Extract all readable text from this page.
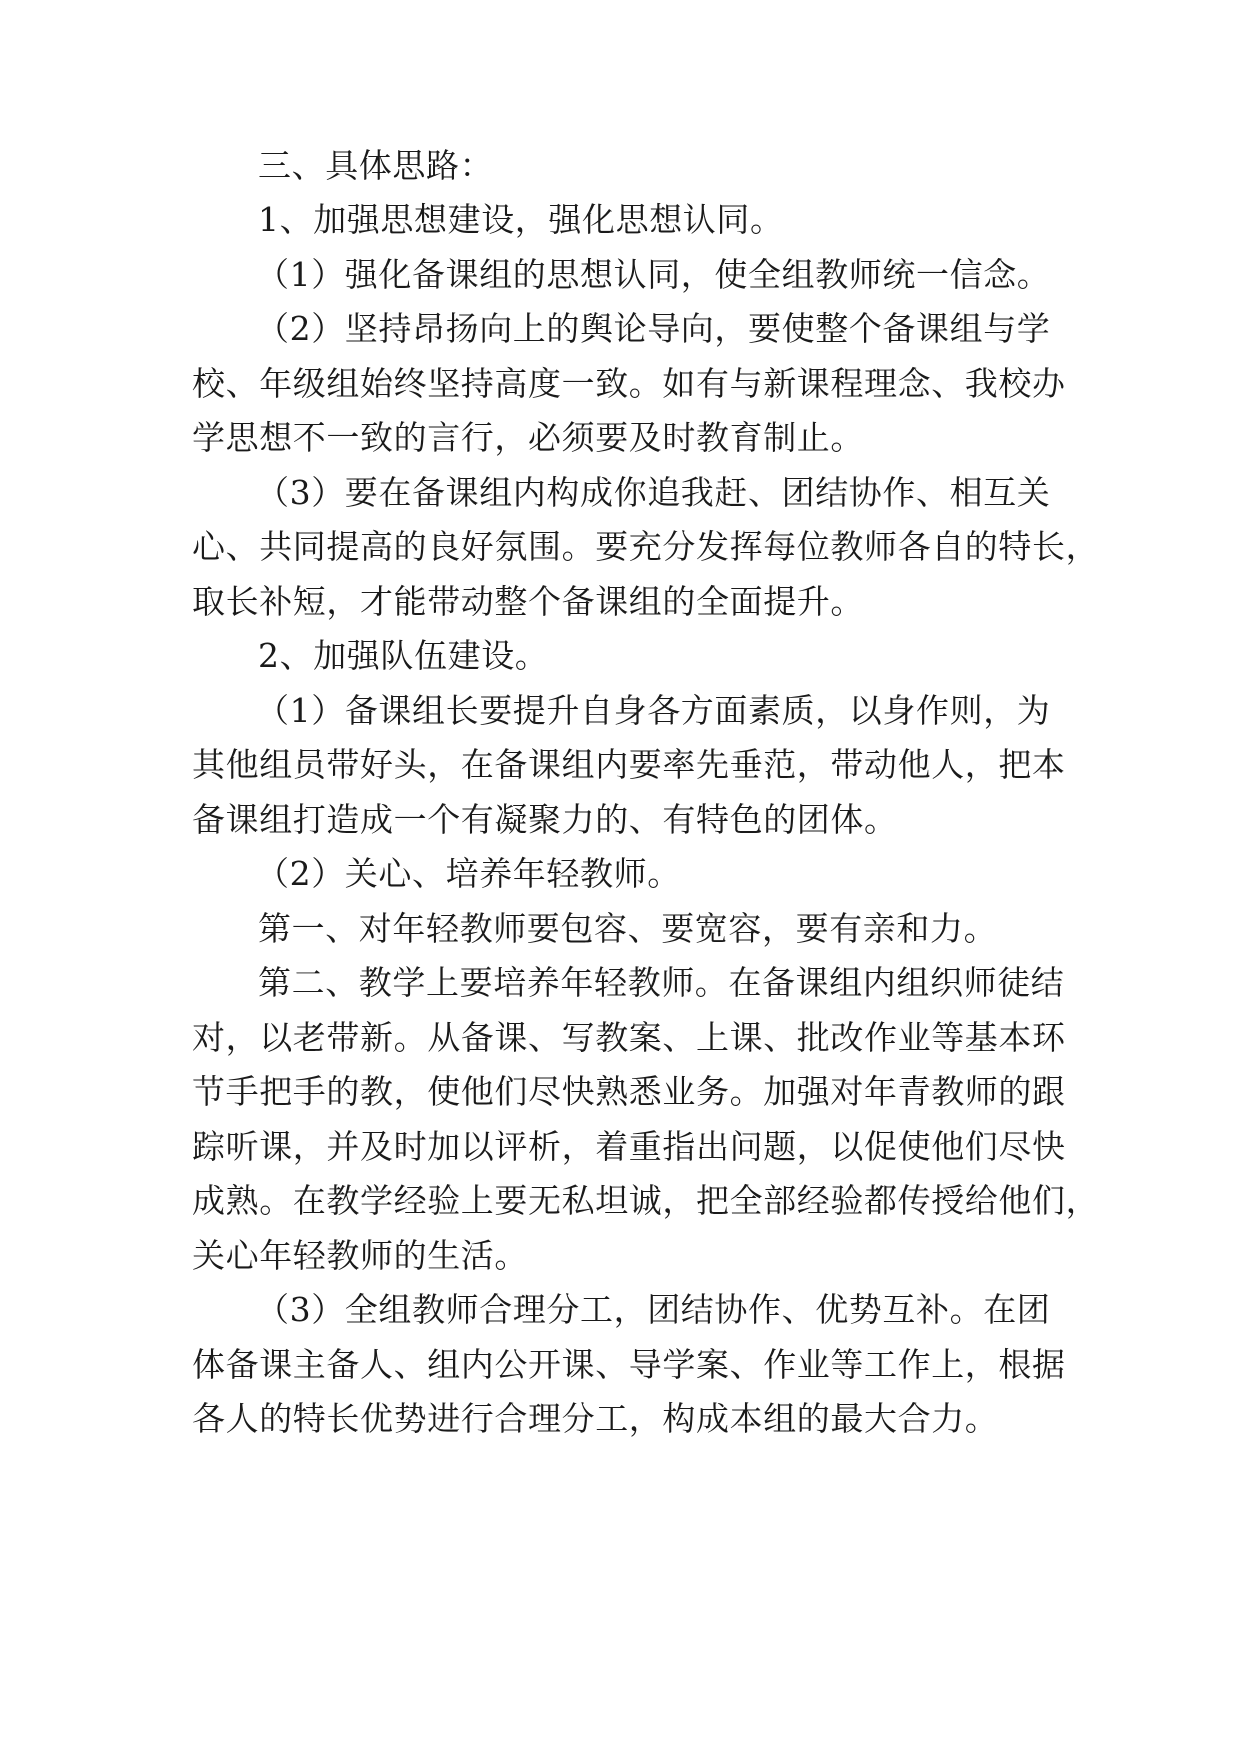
三、具体思路：
1、加强思想建设，强化思想认同。
（1）强化备课组的思想认同，使全组教师统一信念。
（2）坚持昂扬向上的舆论导向，要使整个备课组与学
校、年级组始终坚持高度一致。如有与新课程理念、我校办
学思想不一致的言行，必须要及时教育制止。
（3）要在备课组内构成你追我赶、团结协作、相互关
心、共同提高的良好氛围。要充分发挥每位教师各自的特长，
取长补短，才能带动整个备课组的全面提升。
2、加强队伍建设。
（1）备课组长要提升自身各方面素质，以身作则，为
其他组员带好头，在备课组内要率先垂范，带动他人，把本
备课组打造成一个有凝聚力的、有特色的团体。
（2）关心、培养年轻教师。
第一、对年轻教师要包容、要宽容，要有亲和力。
第二、教学上要培养年轻教师。在备课组内组织师徒结
对，以老带新。从备课、写教案、上课、批改作业等基本环
节手把手的教，使他们尽快熟悉业务。加强对年青教师的跟
踪听课，并及时加以评析，着重指出问题，以促使他们尽快
成熟。在教学经验上要无私坦诚，把全部经验都传授给他们，
关心年轻教师的生活。
（3）全组教师合理分工，团结协作、优势互补。在团
体备课主备人、组内公开课、导学案、作业等工作上，根据
各人的特长优势进行合理分工，构成本组的最大合力。
